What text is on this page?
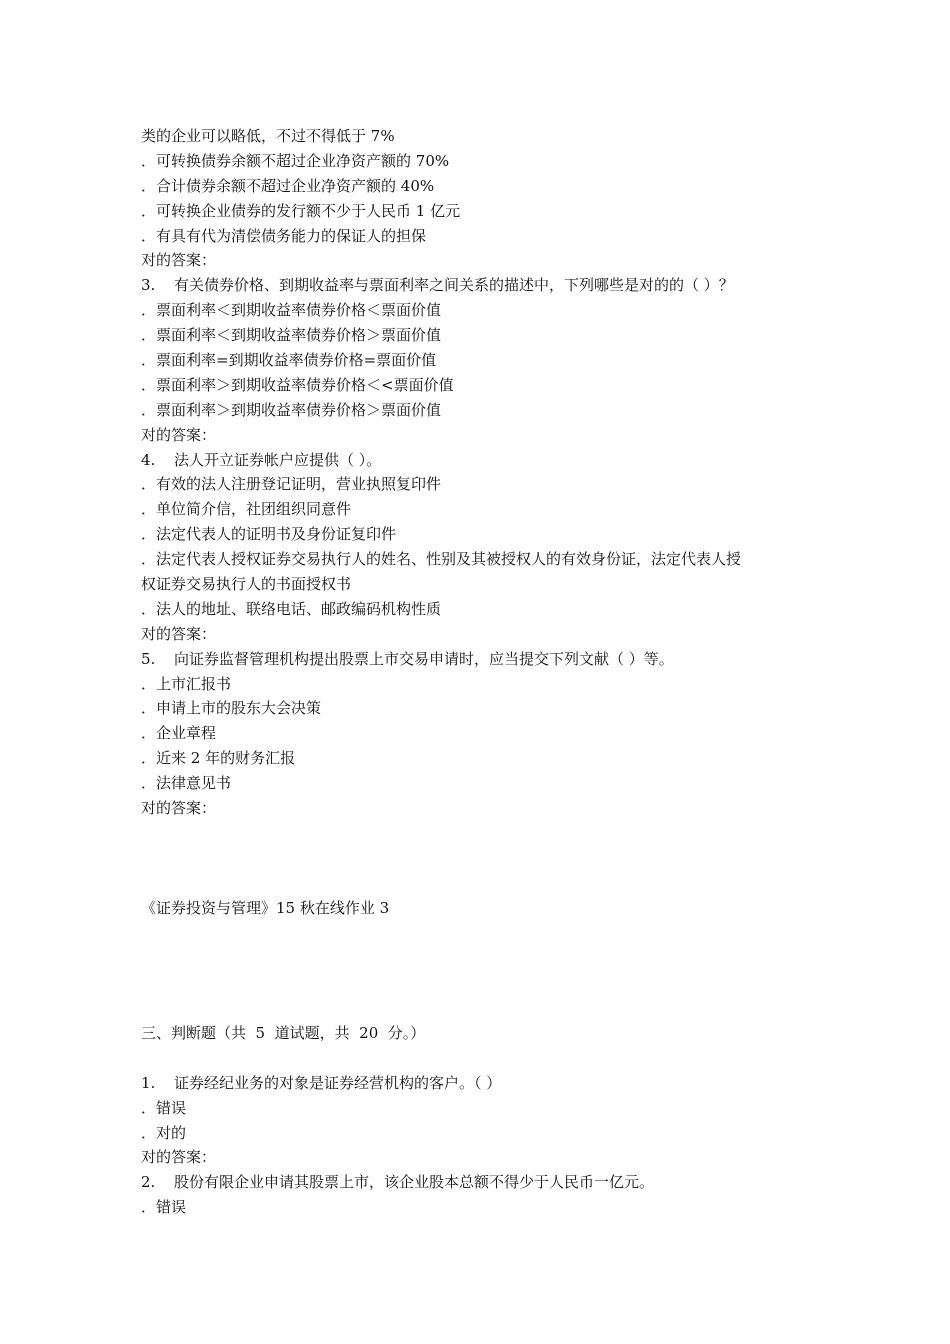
类的企业可以略低，不过不得低于 7%
． 可转换债券余额不超过企业净资产额的 70%
． 合计债券余额不超过企业净资产额的 40%
． 可转换企业债券的发行额不少于人民币 1 亿元
． 有具有代为清偿债务能力的保证人的担保
对的答案：
3. 有关债券价格、到期收益率与票面利率之间关系的描述中，下列哪些是对的的（ ）？
． 票面利率＜到期收益率债券价格＜票面价值
． 票面利率＜到期收益率债券价格＞票面价值
． 票面利率=到期收益率债券价格=票面价值
． 票面利率＞到期收益率债券价格＜<票面价值
． 票面利率＞到期收益率债券价格＞票面价值
对的答案：
4. 法人开立证券帐户应提供（ ）。
． 有效的法人注册登记证明，营业执照复印件
． 单位简介信，社团组织同意件
． 法定代表人的证明书及身份证复印件
． 法定代表人授权证券交易执行人的姓名、性别及其被授权人的有效身份证，法定代表人授
权证券交易执行人的书面授权书
． 法人的地址、联络电话、邮政编码机构性质
对的答案：
5. 向证券监督管理机构提出股票上市交易申请时，应当提交下列文献（ ）等。
． 上市汇报书
． 申请上市的股东大会决策
． 企业章程
． 近来 2 年的财务汇报
． 法律意见书
对的答案：
《证券投资与管理》15 秋在线作业 3
三、判断题（共  5  道试题，共  20  分。）
1. 证券经纪业务的对象是证券经营机构的客户。（ ）
． 错误
． 对的
对的答案：
2. 股份有限企业申请其股票上市，该企业股本总额不得少于人民币一亿元。
． 错误
